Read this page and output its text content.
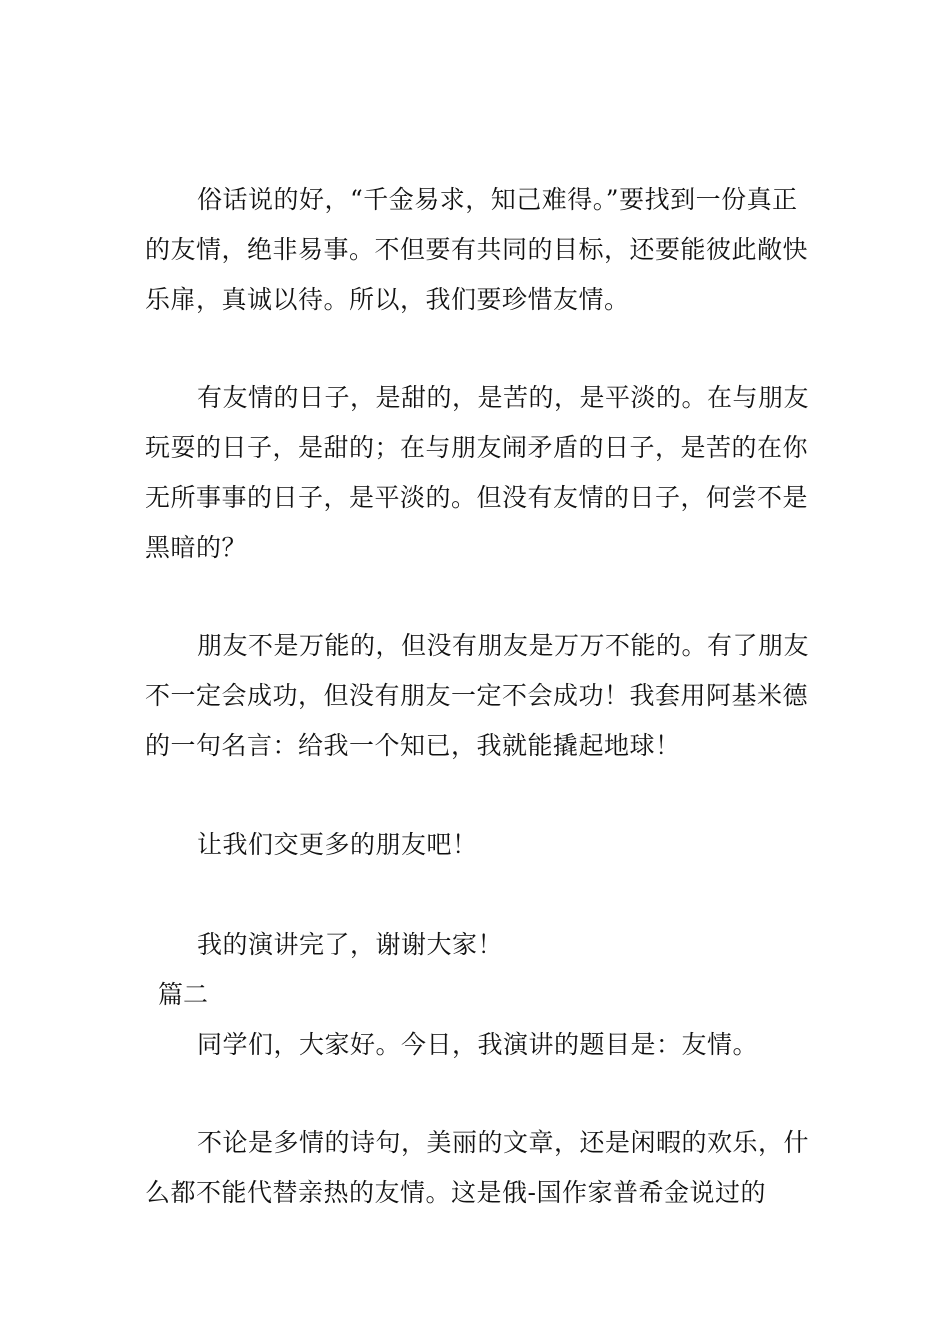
俗话说的好，“千金易求，知己难得。”要找到一份真正的友情，绝非易事。不但要有共同的目标，还要能彼此敞快乐扉，真诚以待。所以，我们要珍惜友情。

有友情的日子，是甜的，是苦的，是平淡的。在与朋友玩耍的日子，是甜的；在与朋友闹矛盾的日子，是苦的在你无所事事的日子，是平淡的。但没有友情的日子，何尝不是黑暗的？

朋友不是万能的，但没有朋友是万万不能的。有了朋友不一定会成功，但没有朋友一定不会成功！我套用阿基米德的一句名言：给我一个知已，我就能撬起地球！

让我们交更多的朋友吧！

我的演讲完了，谢谢大家！

篇二

同学们，大家好。今日，我演讲的题目是：友情。

不论是多情的诗句，美丽的文章，还是闲暇的欢乐，什么都不能代替亲热的友情。这是俄-国作家普希金说过的
